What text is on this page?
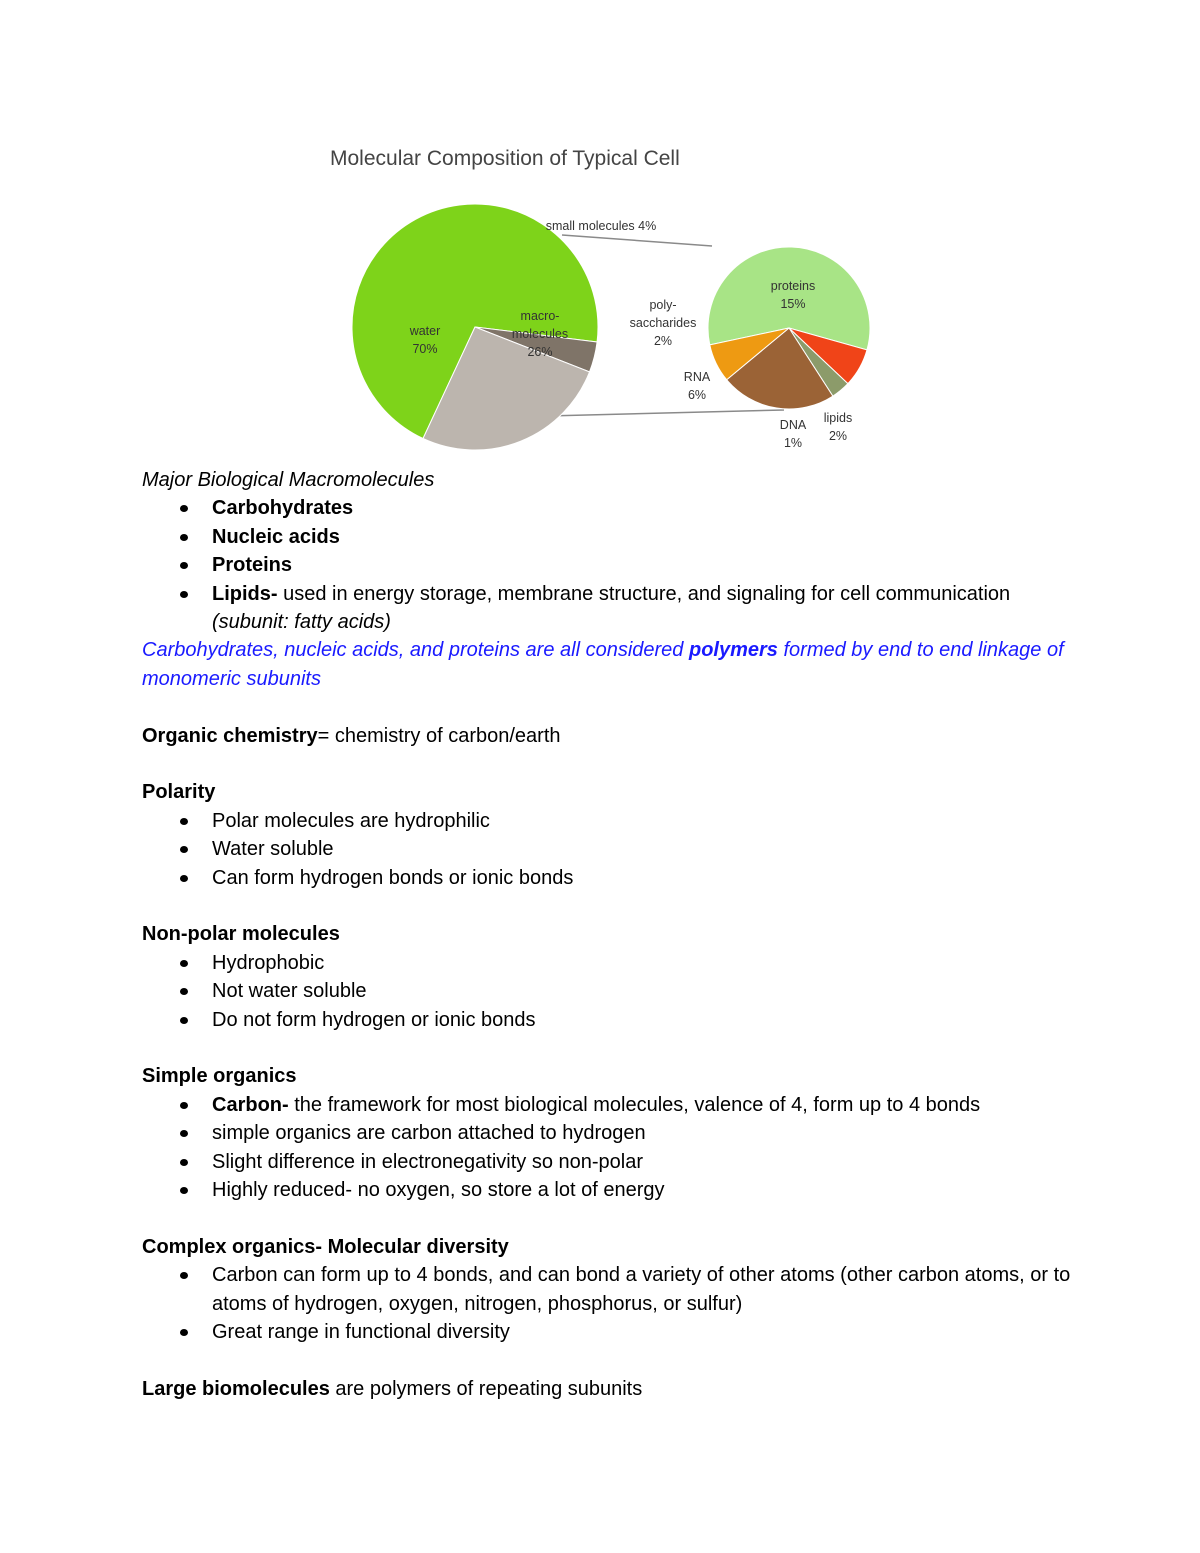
Molecular Composition of Typical Cell
water
70%
small molecules 4%
macro-
molecules
26%
proteins
15%
poly-
saccharides
2%
RNA
6%
DNA
1%
lipids
2%

Major Biological Macromolecules

Carbohydrates
Nucleic acids
Proteins
Lipids- used in energy storage, membrane structure, and signaling for cell communication (subunit: fatty acids)

Carbohydrates, nucleic acids, and proteins are all considered polymers formed by end to end linkage of monomeric subunits

Organic chemistry= chemistry of carbon/earth

Polarity

Polar molecules are hydrophilic
Water soluble
Can form hydrogen bonds or ionic bonds

Non-polar molecules

Hydrophobic
Not water soluble
Do not form hydrogen or ionic bonds

Simple organics

Carbon- the framework for most biological molecules, valence of 4, form up to 4 bonds
simple organics are carbon attached to hydrogen
Slight difference in electronegativity so non-polar
Highly reduced- no oxygen, so store a lot of energy

Complex organics- Molecular diversity

Carbon can form up to 4 bonds, and can bond a variety of other atoms (other carbon atoms, or to atoms of hydrogen, oxygen, nitrogen, phosphorus, or sulfur)
Great range in functional diversity

Large biomolecules are polymers of repeating subunits
